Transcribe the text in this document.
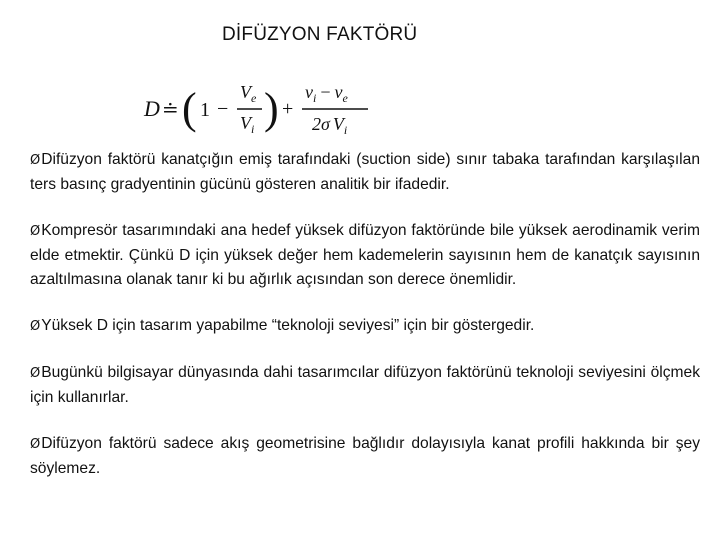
DİFÜZYON FAKTÖRÜ
D ≐ ( 1 −
$V_e$
$V_i$ ) +
$v_i - v_e$
2σ $V_i$
ØDifüzyon faktörü kanatçığın emiş tarafındaki (suction side) sınır tabaka tarafından karşılaşılan ters basınç gradyentinin gücünü gösteren analitik bir ifadedir.
ØKompresör tasarımındaki ana hedef yüksek difüzyon faktöründe bile yüksek aerodinamik verim elde etmektir. Çünkü D için yüksek değer hem kademelerin sayısının hem de kanatçık sayısının azaltılmasına olanak tanır ki bu ağırlık açısından son derece önemlidir.
ØYüksek D için tasarım yapabilme “teknoloji seviyesi” için bir göstergedir.
ØBugünkü bilgisayar dünyasında dahi tasarımcılar difüzyon faktörünü teknoloji seviyesini ölçmek için kullanırlar.
ØDifüzyon faktörü sadece akış geometrisine bağlıdır dolayısıyla kanat profili hakkında bir şey söylemez.
